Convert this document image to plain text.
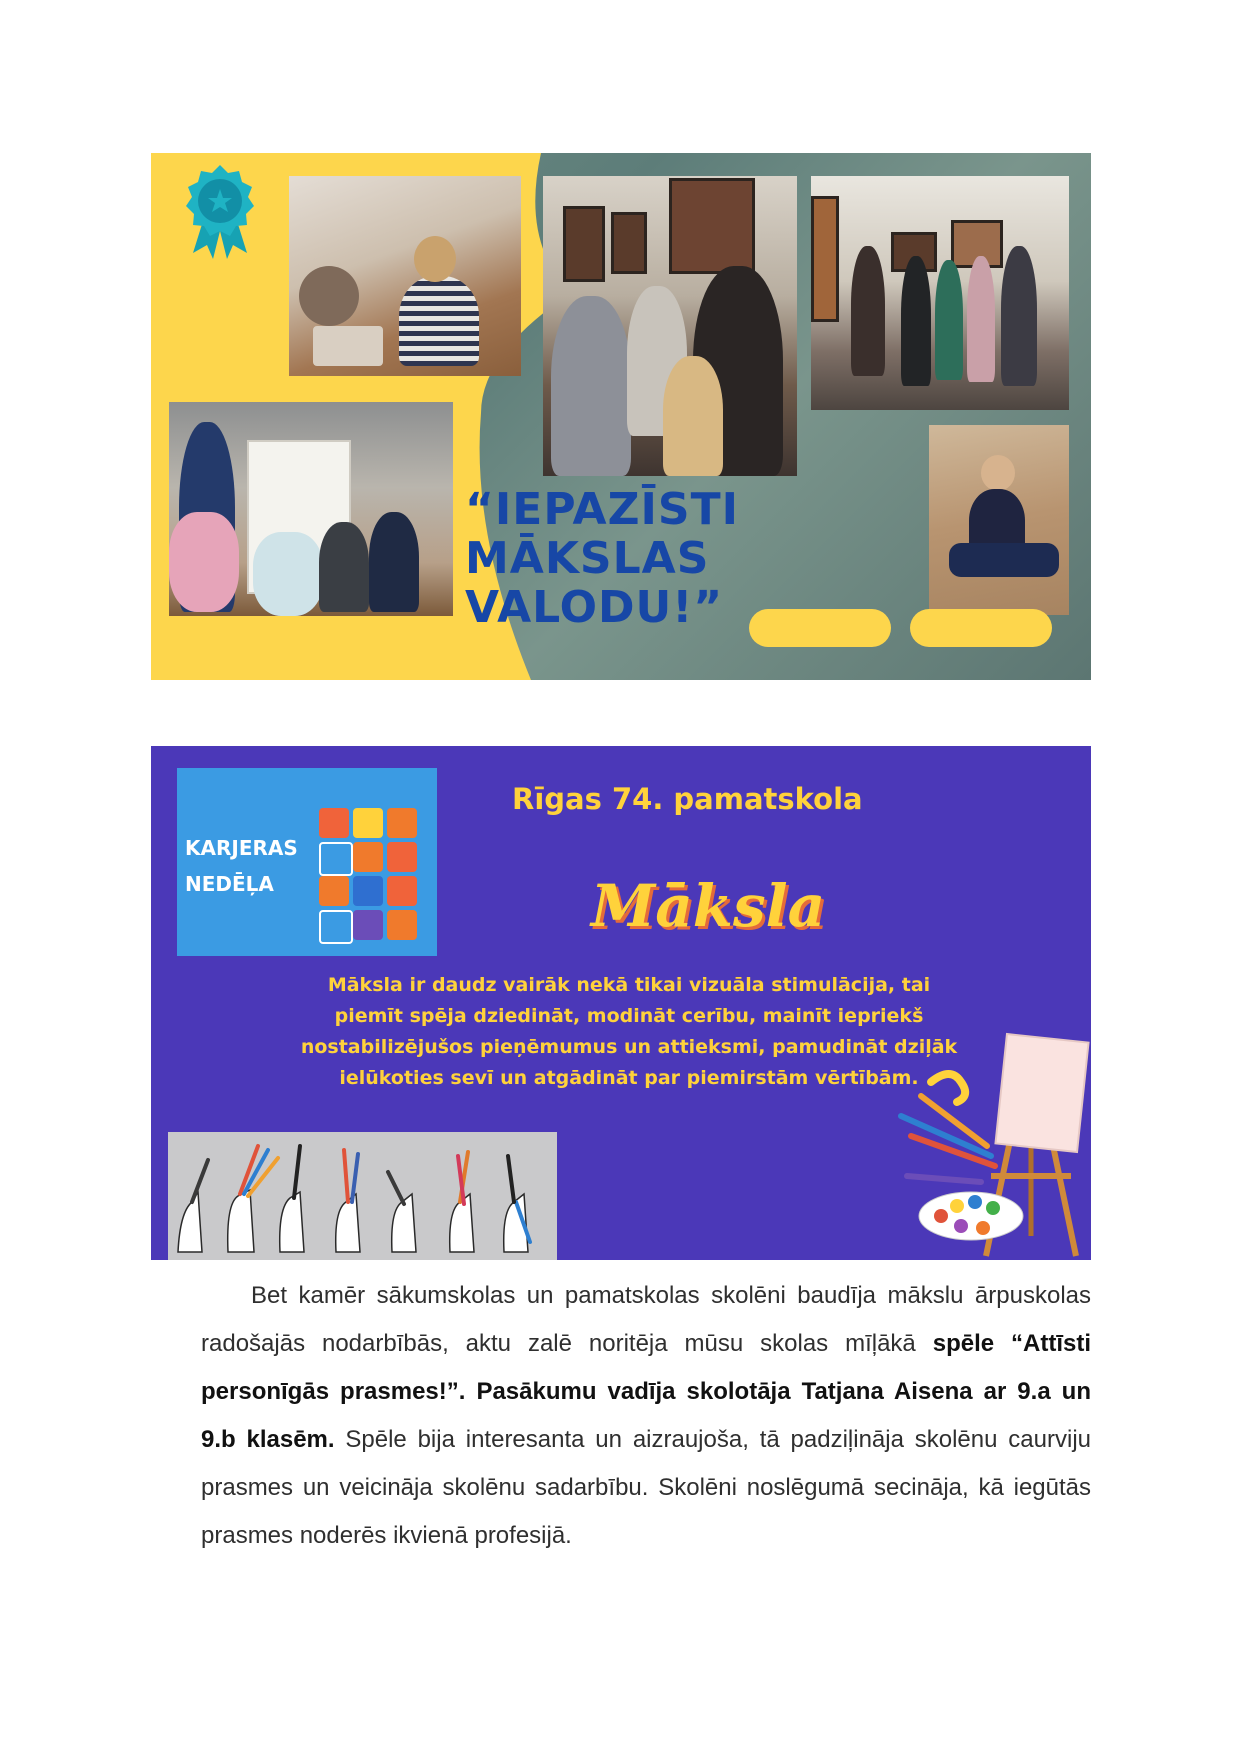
“IEPAZĪSTI
MĀKSLAS
VALODU!”

KARJERAS
NEDĒĻA

Rīgas 74. pamatskola
Māksla

Māksla ir daudz vairāk nekā tikai vizuāla stimulācija, tai piemīt spēja dziedināt, modināt cerību, mainīt iepriekš nostabilizējušos pieņēmumus un attieksmi, pamudināt dziļāk ielūkoties sevī un atgādināt par piemirstām vērtībām.

Bet kamēr sākumskolas un pamatskolas skolēni baudīja mākslu ārpuskolas radošajās nodarbībās, aktu zalē noritēja mūsu skolas mīļākā spēle “Attīsti personīgās prasmes!”. Pasākumu vadīja skolotāja Tatjana Aisena ar 9.a un 9.b klasēm. Spēle bija interesanta un aizraujoša, tā padziļināja skolēnu caurviju prasmes un veicināja skolēnu sadarbību. Skolēni noslēgumā secināja, kā iegūtās prasmes noderēs ikvienā profesijā.
